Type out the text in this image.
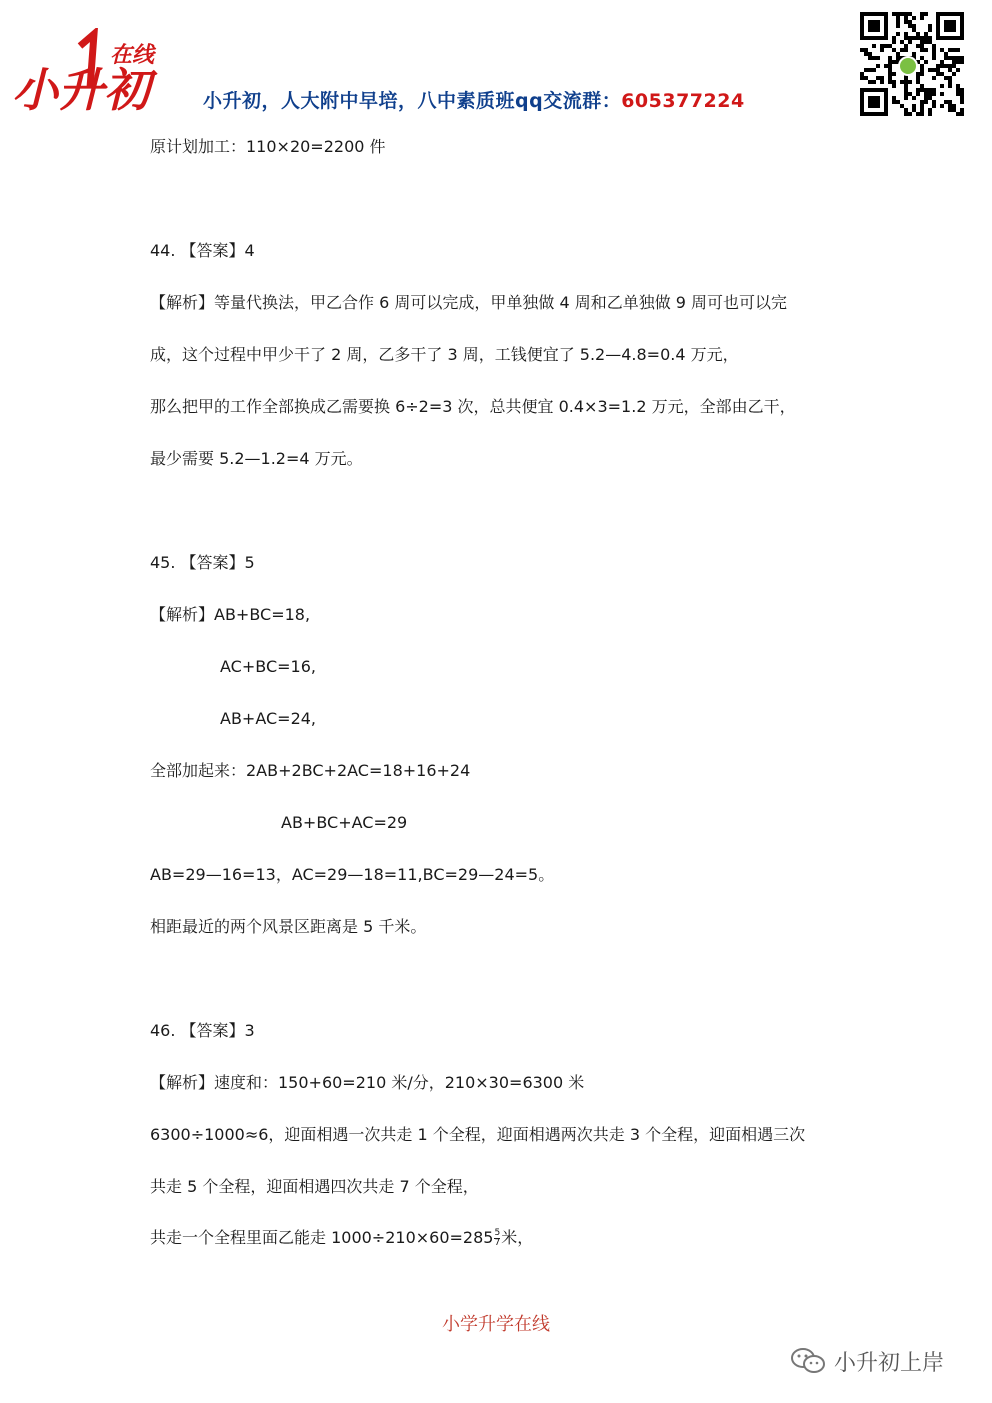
小升初
在线
小升初，人大附中早培，八中素质班qq交流群：605377224
原计划加工：110×20=2200 件
44. 【答案】4
【解析】等量代换法，甲乙合作 6 周可以完成，甲单独做 4 周和乙单独做 9 周可也可以完
成，这个过程中甲少干了 2 周，乙多干了 3 周，工钱便宜了 5.2—4.8=0.4 万元，
那么把甲的工作全部换成乙需要换 6÷2=3 次，总共便宜 0.4×3=1.2 万元，全部由乙干，
最少需要 5.2—1.2=4 万元。
45. 【答案】5
【解析】AB+BC=18,
AC+BC=16,
AB+AC=24,
全部加起来：2AB+2BC+2AC=18+16+24
AB+BC+AC=29
AB=29—16=13，AC=29—18=11,BC=29—24=5。
相距最近的两个风景区距离是 5 千米。
46. 【答案】3
【解析】速度和：150+60=210 米/分，210×30=6300 米
6300÷1000≈6，迎面相遇一次共走 1 个全程，迎面相遇两次共走 3 个全程，迎面相遇三次
共走 5 个全程，迎面相遇四次共走 7 个全程，
共走一个全程里面乙能走 $1000\div 210\times 60=285 \frac{5}{7}$ 米，
小学升学在线
小升初上岸
